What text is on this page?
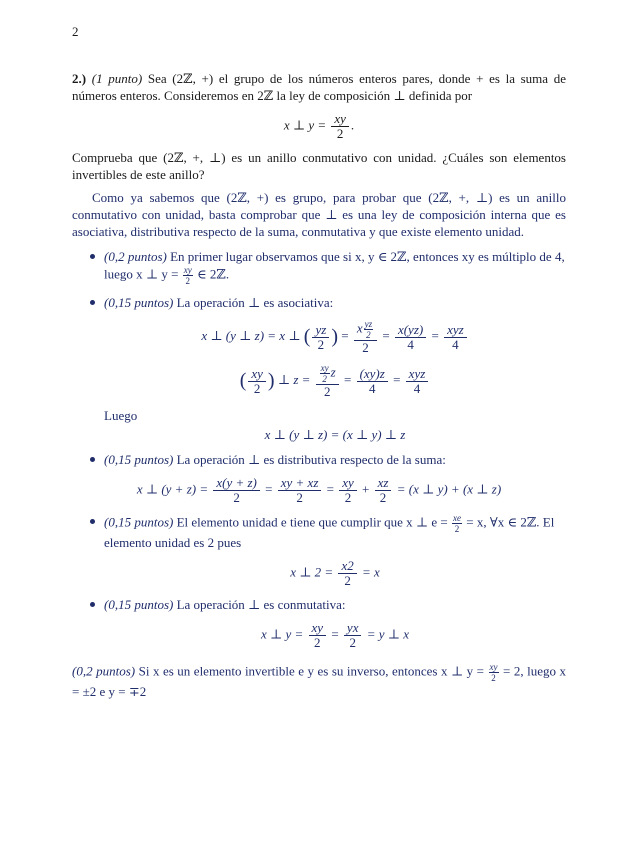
2

2.) (1 punto) Sea (2ℤ, +) el grupo de los números enteros pares, donde + es la suma de números enteros. Consideremos en 2ℤ la ley de composición ⊥ definida por

x ⊥ $y = \frac{xy}{2}$ .

Comprueba que (2ℤ, +, ⊥) es un anillo conmutativo con unidad. ¿Cuáles son elementos invertibles de este anillo?

Como ya sabemos que (2ℤ, +) es grupo, para probar que (2ℤ, +, ⊥) es un anillo conmutativo con unidad, basta comprobar que ⊥ es una ley de composición interna que es asociativa, distributiva respecto de la suma, conmutativa y que existe elemento unidad.

(0,2 puntos) En primer lugar observamos que si x, y ∈ 2ℤ, entonces xy es múltiplo de 4, luego x ⊥ $y = \frac{xy}{2}$ ∈ 2ℤ.
(0,15 puntos) La operación ⊥ es asociativa:
x ⊥ (y ⊥ z) = x ⊥ ( $\frac{yz}{2}$ ) = $\frac{x \frac{yz}{2}}{2} = \frac{x(yz)}{4} = \frac{\text{xyz}}{4}$
( $\frac{xy}{2}$ ) ⊥ $z = \frac{\frac{xy}{2} z}{2} = \frac{(xy)z}{4} = \frac{\text{xyz}}{4}$
Luego
x ⊥ (y ⊥ z) = (x ⊥ y) ⊥ z
(0,15 puntos) La operación ⊥ es distributiva respecto de la suma:
x ⊥ $(y + z) = \frac{x(y + z)}{2} = \frac{xy + xz}{2} = \frac{xy}{2} + \frac{xz}{2} = (x$ ⊥ y) + (x ⊥ z)
(0,15 puntos) El elemento unidad e tiene que cumplir que x ⊥ $e = \frac{xe}{2} = x$, ∀x ∈ 2ℤ. El elemento unidad es 2 pues
x ⊥ $2 = \frac{x2}{2} = x$
(0,15 puntos) La operación ⊥ es conmutativa:
x ⊥ $y = \frac{xy}{2} = \frac{yx}{2} = y$ ⊥ x

(0,2 puntos) Si x es un elemento invertible e y es su inverso, entonces x ⊥ $y = \frac{xy}{2} = 2$, luego x = ±2 e y = ∓2
